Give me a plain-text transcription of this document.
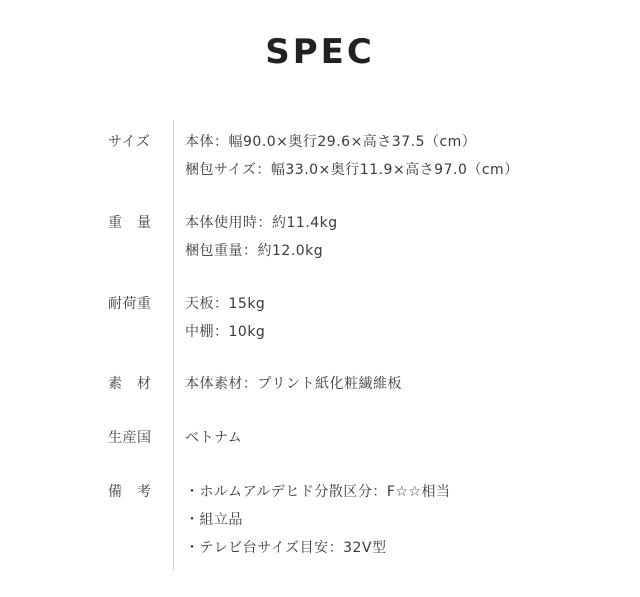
SPEC
サイズ	本体：幅90.0×奥行29.6×高さ37.5（cm）
梱包サイズ：幅33.0×奥行11.9×高さ97.0（cm）
重　量	本体使用時：約11.4kg
梱包重量：約12.0kg
耐荷重	天板：15kg
中棚：10kg
素　材	本体素材：プリント紙化粧繊維板
生産国	ベトナム
備　考	・ホルムアルデヒド分散区分：F☆☆相当
・組立品
・テレビ台サイズ目安：32V型
